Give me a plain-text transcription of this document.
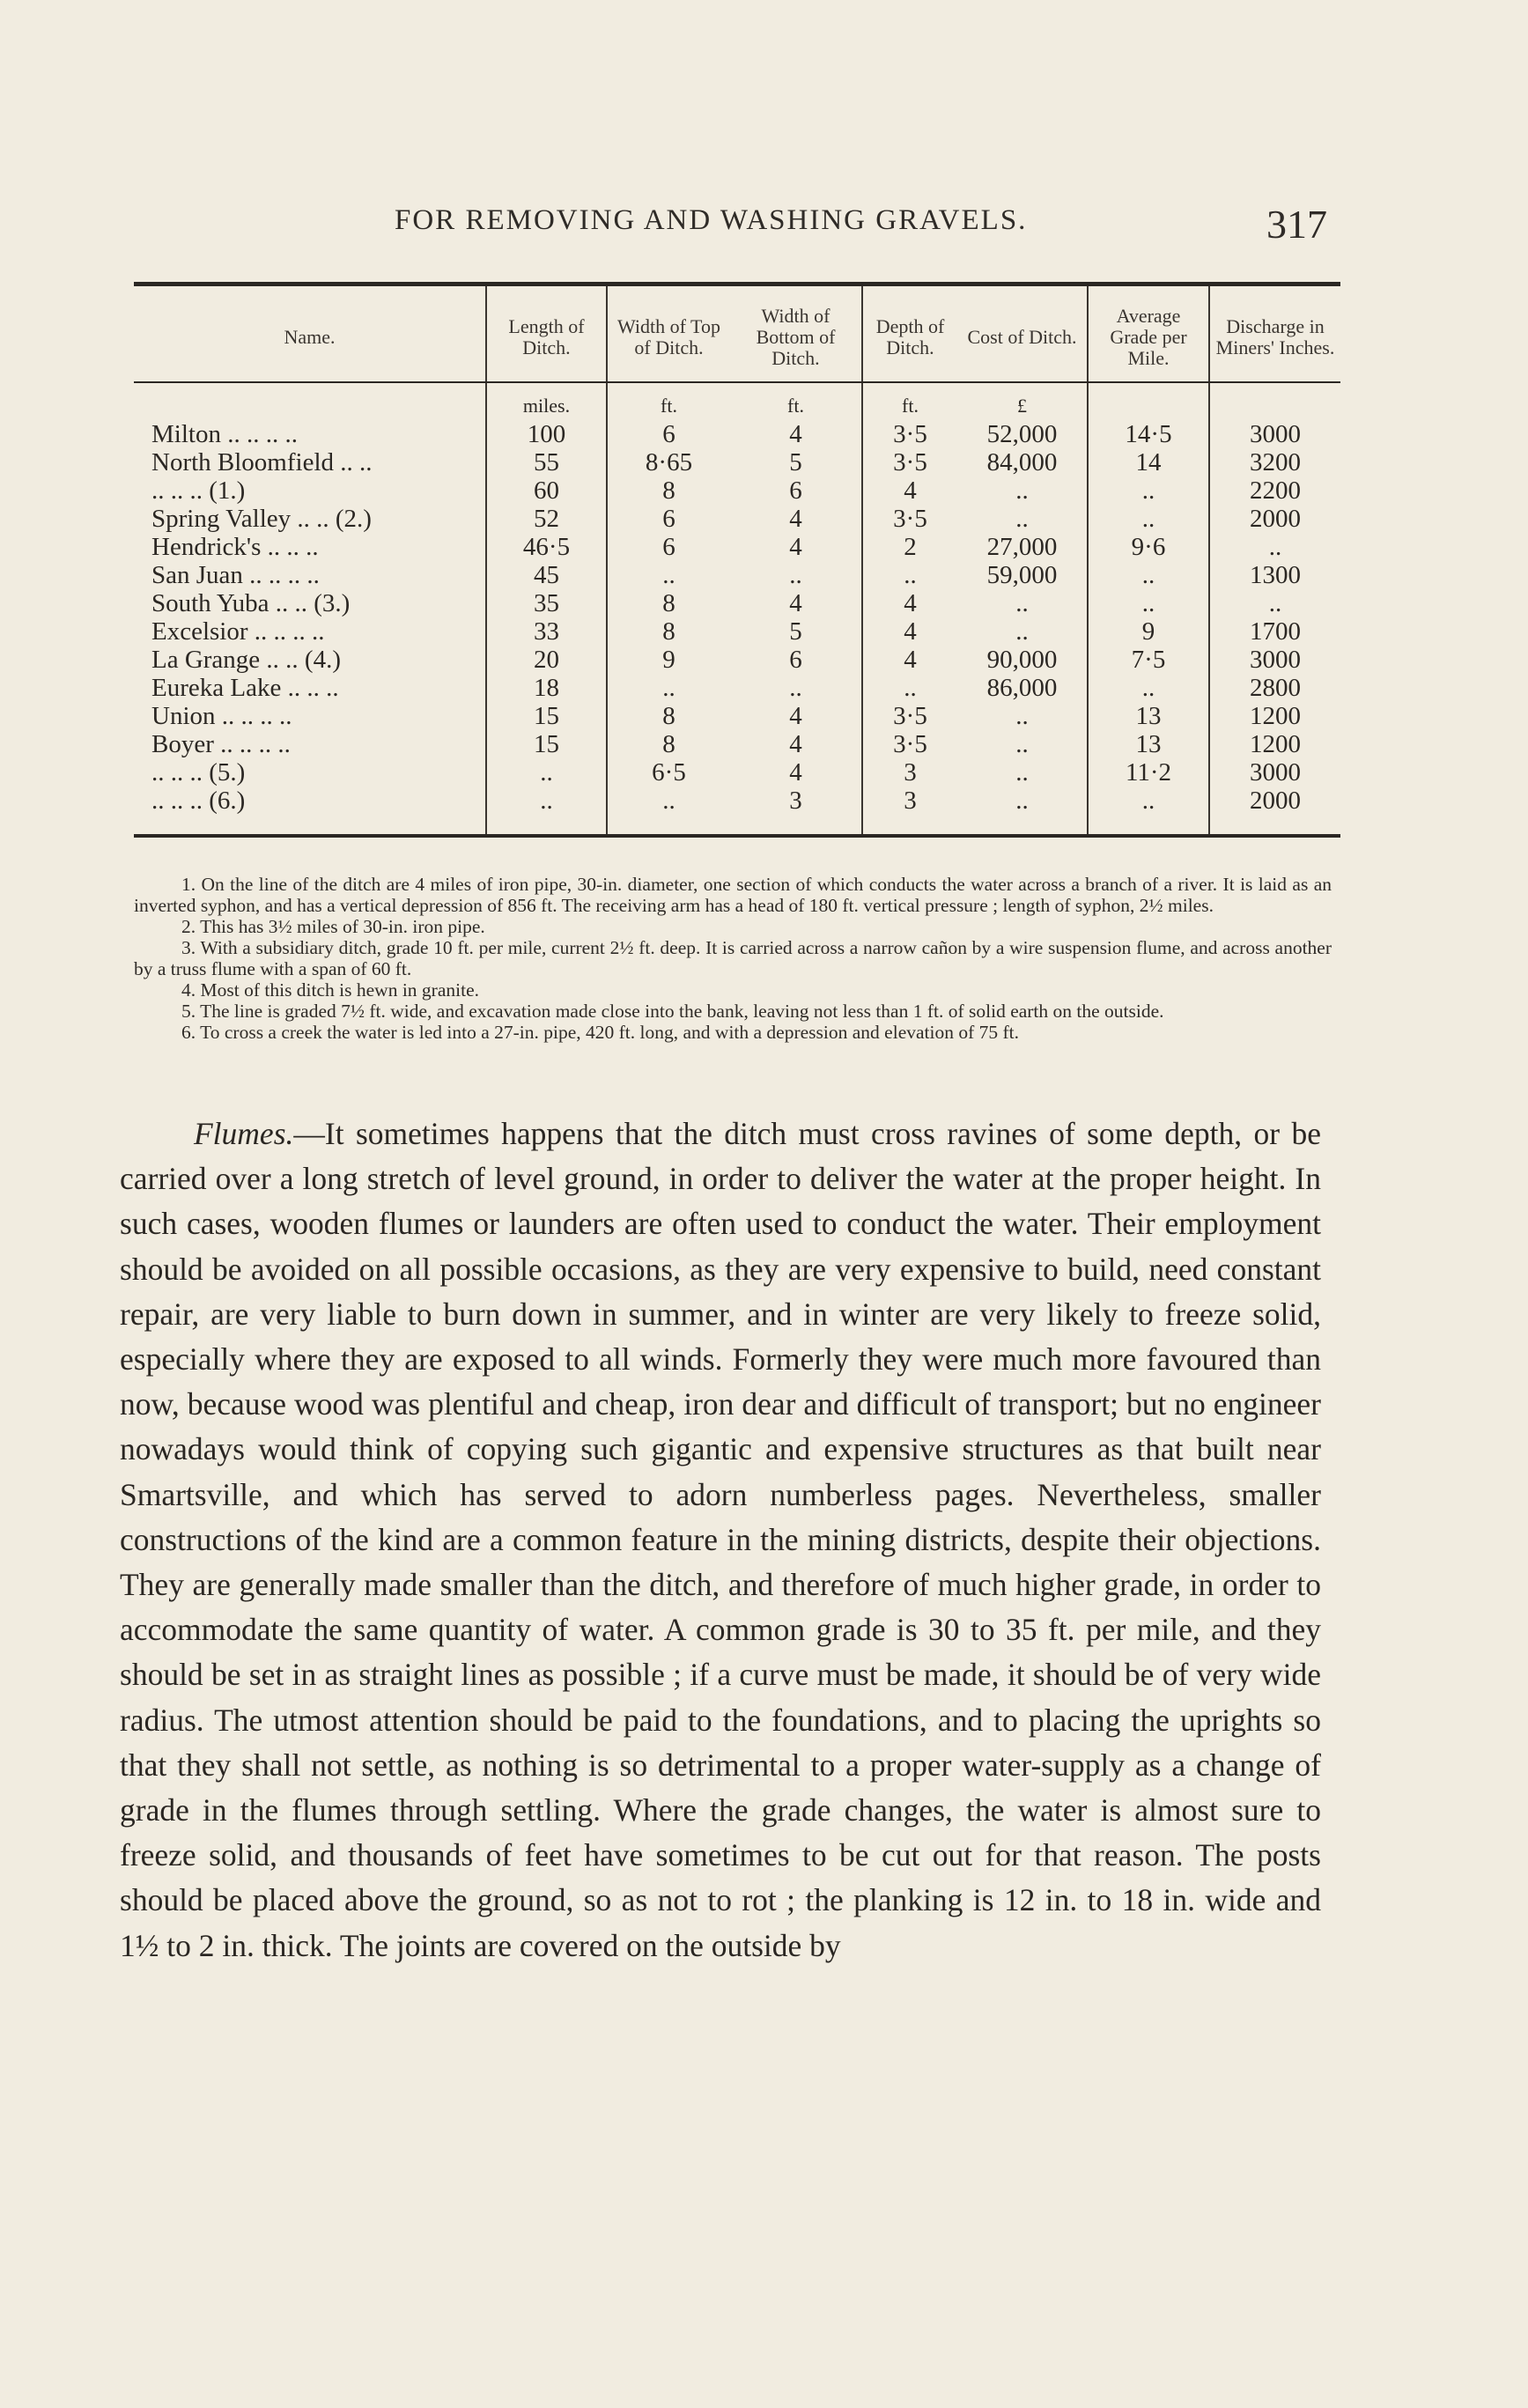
FOR REMOVING AND WASHING GRAVELS.	317
Name.	Length of Ditch.	Width of Top of Ditch.	Width of Bottom of Ditch.	Depth of Ditch.	Cost of Ditch.	Average Grade per Mile.	Discharge in Miners' Inches.
	miles.	ft.	ft.	ft.	£		
Milton .. .. .. ..	100	6	4	3·5	52,000	14·5	3000
North Bloomfield .. ..	55	8·65	5	3·5	84,000	14	3200
.. .. .. (1.)	60	8	6	4	..	..	2200
Spring Valley .. .. (2.)	52	6	4	3·5	..	..	2000
Hendrick's .. .. ..	46·5	6	4	2	27,000	9·6	..
San Juan .. .. .. ..	45	..	..	..	59,000	..	1300
South Yuba .. .. (3.)	35	8	4	4	..	..	..
Excelsior .. .. .. ..	33	8	5	4	..	9	1700
La Grange .. .. (4.)	20	9	6	4	90,000	7·5	3000
Eureka Lake .. .. ..	18	..	..	..	86,000	..	2800
Union .. .. .. ..	15	8	4	3·5	..	13	1200
Boyer .. .. .. ..	15	8	4	3·5	..	13	1200
.. .. .. (5.)	..	6·5	4	3	..	11·2	3000
.. .. .. (6.)	..	..	3	3	..	..	2000
1. On the line of the ditch are 4 miles of iron pipe, 30-in. diameter, one section of which conducts the water across a branch of a river. It is laid as an inverted syphon, and has a vertical depression of 856 ft. The receiving arm has a head of 180 ft. vertical pressure ; length of syphon, 2½ miles.
2. This has 3½ miles of 30-in. iron pipe.
3. With a subsidiary ditch, grade 10 ft. per mile, current 2½ ft. deep. It is carried across a narrow cañon by a wire suspension flume, and across another by a truss flume with a span of 60 ft.
4. Most of this ditch is hewn in granite.
5. The line is graded 7½ ft. wide, and excavation made close into the bank, leaving not less than 1 ft. of solid earth on the outside.
6. To cross a creek the water is led into a 27-in. pipe, 420 ft. long, and with a depression and elevation of 75 ft.
Flumes.—It sometimes happens that the ditch must cross ravines of some depth, or be carried over a long stretch of level ground, in order to deliver the water at the proper height. In such cases, wooden flumes or launders are often used to conduct the water. Their employment should be avoided on all possible occasions, as they are very expensive to build, need constant repair, are very liable to burn down in summer, and in winter are very likely to freeze solid, especially where they are exposed to all winds. Formerly they were much more favoured than now, because wood was plentiful and cheap, iron dear and difficult of transport; but no engineer nowadays would think of copying such gigantic and expensive structures as that built near Smartsville, and which has served to adorn numberless pages. Nevertheless, smaller constructions of the kind are a common feature in the mining districts, despite their objections. They are generally made smaller than the ditch, and therefore of much higher grade, in order to accommodate the same quantity of water. A common grade is 30 to 35 ft. per mile, and they should be set in as straight lines as possible ; if a curve must be made, it should be of very wide radius. The utmost attention should be paid to the foundations, and to placing the uprights so that they shall not settle, as nothing is so detrimental to a proper water-supply as a change of grade in the flumes through settling. Where the grade changes, the water is almost sure to freeze solid, and thousands of feet have sometimes to be cut out for that reason. The posts should be placed above the ground, so as not to rot ; the planking is 12 in. to 18 in. wide and 1½ to 2 in. thick. The joints are covered on the outside by
